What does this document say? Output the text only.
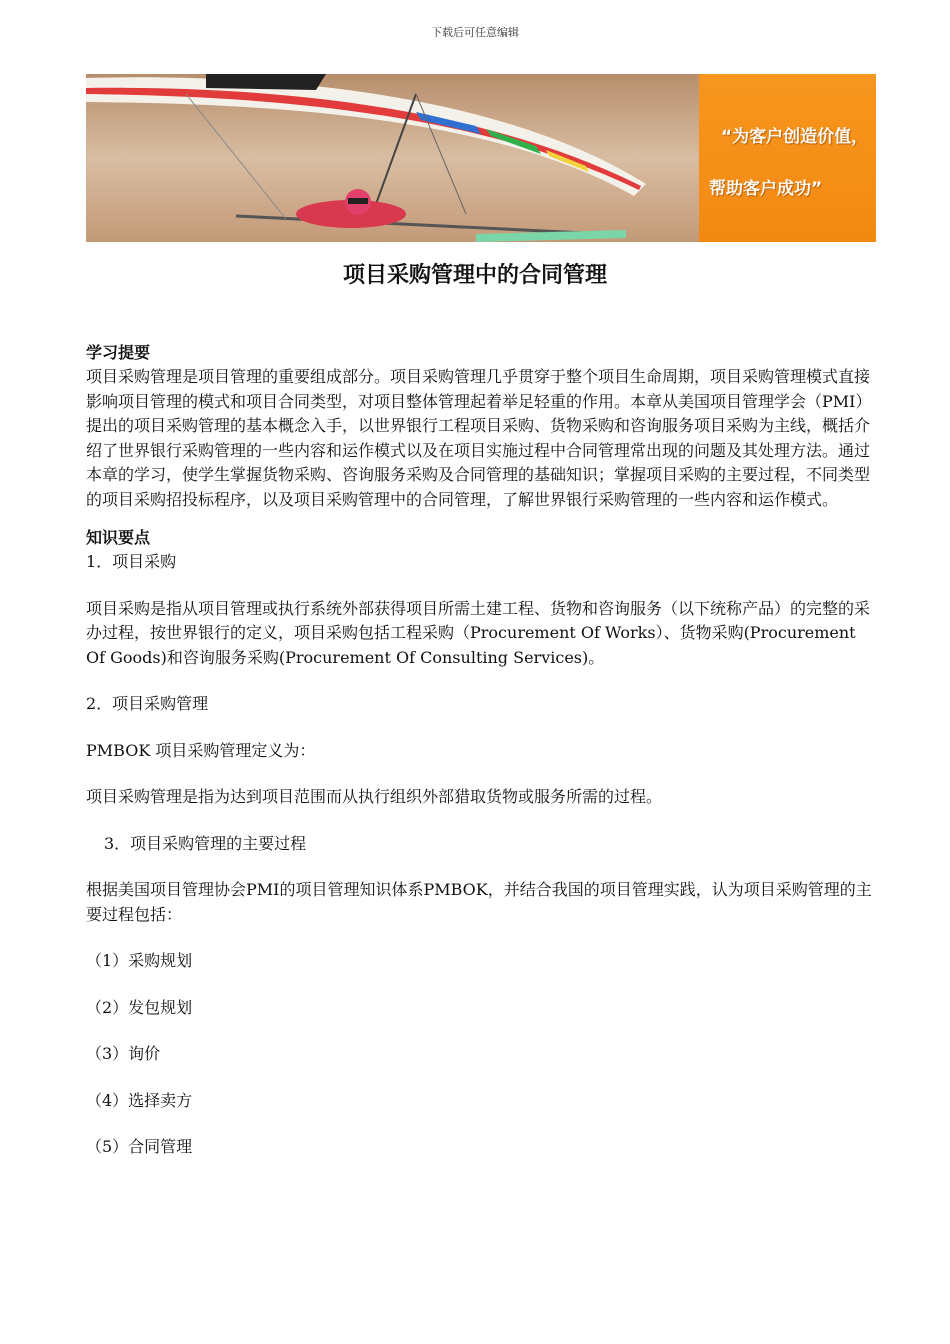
下载后可任意编辑
“为客户创造价值，
帮助客户成功”
项目采购管理中的合同管理
学习提要

项目采购管理是项目管理的重要组成部分。项目采购管理几乎贯穿于整个项目生命周期，项目采购管理模式直接影响项目管理的模式和项目合同类型，对项目整体管理起着举足轻重的作用。本章从美国项目管理学会（PMI）提出的项目采购管理的基本概念入手，以世界银行工程项目采购、货物采购和咨询服务项目采购为主线，概括介绍了世界银行采购管理的一些内容和运作模式以及在项目实施过程中合同管理常出现的问题及其处理方法。通过本章的学习，使学生掌握货物采购、咨询服务采购及合同管理的基础知识；掌握项目采购的主要过程，不同类型的项目采购招投标程序，以及项目采购管理中的合同管理，了解世界银行采购管理的一些内容和运作模式。

知识要点

1．项目采购

项目采购是指从项目管理或执行系统外部获得项目所需土建工程、货物和咨询服务（以下统称产品）的完整的采办过程，按世界银行的定义，项目采购包括工程采购（Procurement Of Works）、货物采购(Procurement Of Goods)和咨询服务采购(Procurement Of Consulting Services)。

2．项目采购管理

PMBOK 项目采购管理定义为：

项目采购管理是指为达到项目范围而从执行组织外部猎取货物或服务所需的过程。

3．项目采购管理的主要过程

根据美国项目管理协会PMI的项目管理知识体系PMBOK，并结合我国的项目管理实践，认为项目采购管理的主要过程包括：

（1）采购规划

（2）发包规划

（3）询价

（4）选择卖方

（5）合同管理
